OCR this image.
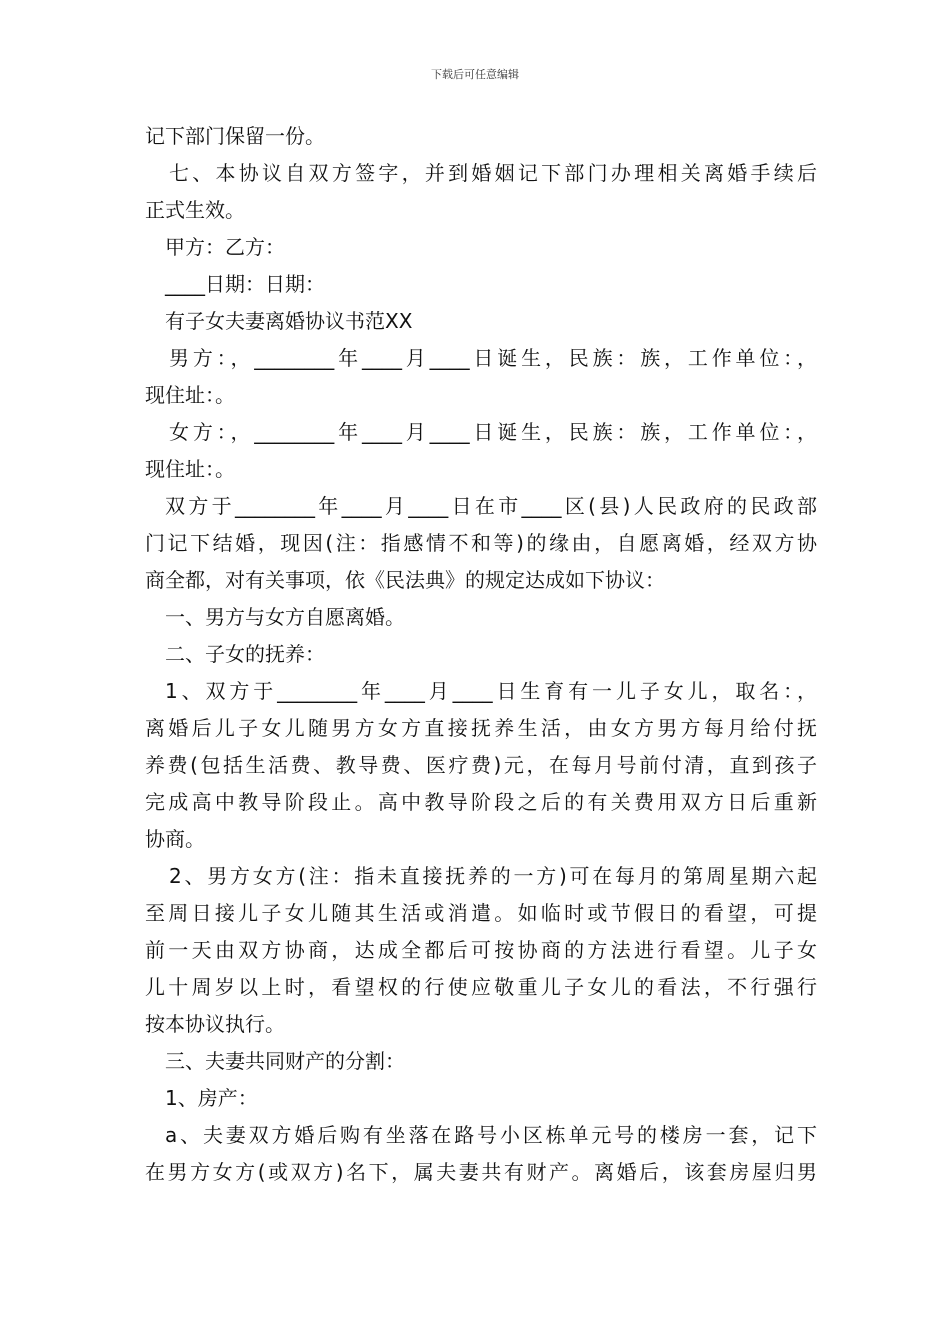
下载后可任意编辑
记下部门保留一份。
七、本协议自双方签字，并到婚姻记下部门办理相关离婚手续后
正式生效。
甲方：乙方：
____日期：日期：
有子女夫妻离婚协议书范XX
男方：，________年____月____日诞生，民族：族，工作单位：，
现住址：。
女方：，________年____月____日诞生，民族：族，工作单位：，
现住址：。
双方于________年____月____日在市____区(县)人民政府的民政部
门记下结婚，现因(注：指感情不和等)的缘由，自愿离婚，经双方协
商全都，对有关事项，依《民法典》的规定达成如下协议：
一、男方与女方自愿离婚。
二、子女的抚养：
1、双方于________年____月____日生育有一儿子女儿，取名：，
离婚后儿子女儿随男方女方直接抚养生活，由女方男方每月给付抚
养费(包括生活费、教导费、医疗费)元，在每月号前付清，直到孩子
完成高中教导阶段止。高中教导阶段之后的有关费用双方日后重新
协商。
2、男方女方(注：指未直接抚养的一方)可在每月的第周星期六起
至周日接儿子女儿随其生活或消遣。如临时或节假日的看望，可提
前一天由双方协商，达成全都后可按协商的方法进行看望。儿子女
儿十周岁以上时，看望权的行使应敬重儿子女儿的看法，不行强行
按本协议执行。
三、夫妻共同财产的分割：
1、房产：
a、夫妻双方婚后购有坐落在路号小区栋单元号的楼房一套，记下
在男方女方(或双方)名下，属夫妻共有财产。离婚后，该套房屋归男
